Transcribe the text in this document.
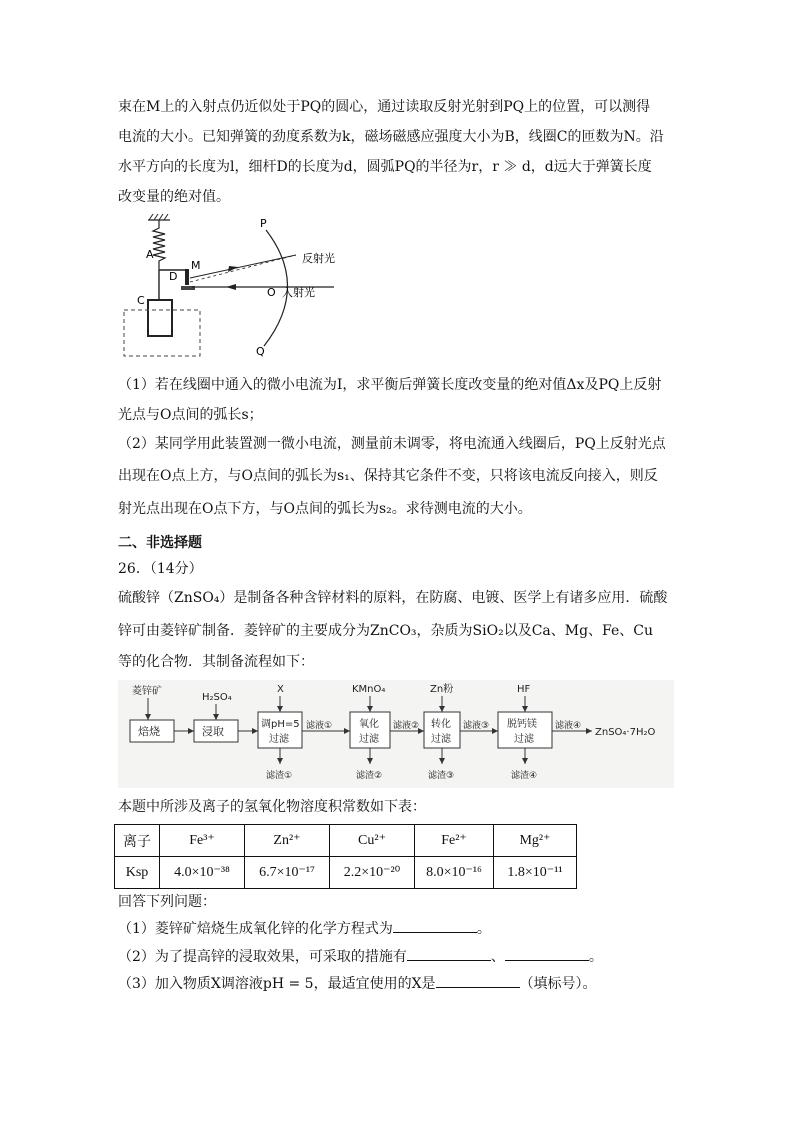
束在M上的入射点仍近似处于PQ的圆心，通过读取反射光射到PQ上的位置，可以测得
电流的大小。已知弹簧的劲度系数为k，磁场磁感应强度大小为B，线圈C的匝数为N。沿
水平方向的长度为l，细杆D的长度为d，圆弧PQ的半径为r，r ≫ d，d远大于弹簧长度
改变量的绝对值。
A
C
D
M
P
O
Q
反射光
入射光
（1）若在线圈中通入的微小电流为I，求平衡后弹簧长度改变量的绝对值Δx及PQ上反射
光点与O点间的弧长s；
（2）某同学用此装置测一微小电流，测量前未调零，将电流通入线圈后，PQ上反射光点
出现在O点上方，与O点间的弧长为s₁、保持其它条件不变，只将该电流反向接入，则反
射光点出现在O点下方，与O点间的弧长为s₂。求待测电流的大小。
二、非选择题
26．（14分）
硫酸锌（ZnSO₄）是制备各种含锌材料的原料，在防腐、电镀、医学上有诸多应用．硫酸
锌可由菱锌矿制备．菱锌矿的主要成分为ZnCO₃，杂质为SiO₂以及Ca、Mg、Fe、Cu
等的化合物．其制备流程如下：
菱锌矿
H₂SO₄
X	KMnO₄	Zn粉	HF
焙烧	浸取
调pH=5
过滤
氧化
过滤
转化
过滤
脱钙镁
过滤
滤液①	滤液②	滤液③	滤液④
ZnSO₄·7H₂O
滤渣①	滤渣②	滤渣③	滤渣④
本题中所涉及离子的氢氧化物溶度积常数如下表：
离子	Fe³⁺	Zn²⁺	Cu²⁺	Fe²⁺	Mg²⁺
Ksp	4.0×10⁻³⁸	6.7×10⁻¹⁷	2.2×10⁻²⁰	8.0×10⁻¹⁶	1.8×10⁻¹¹
回答下列问题：
（1）菱锌矿焙烧生成氧化锌的化学方程式为	。
（2）为了提高锌的浸取效果，可采取的措施有	、	。
（3）加入物质X调溶液pH = 5，最适宜使用的X是	（填标号）。
